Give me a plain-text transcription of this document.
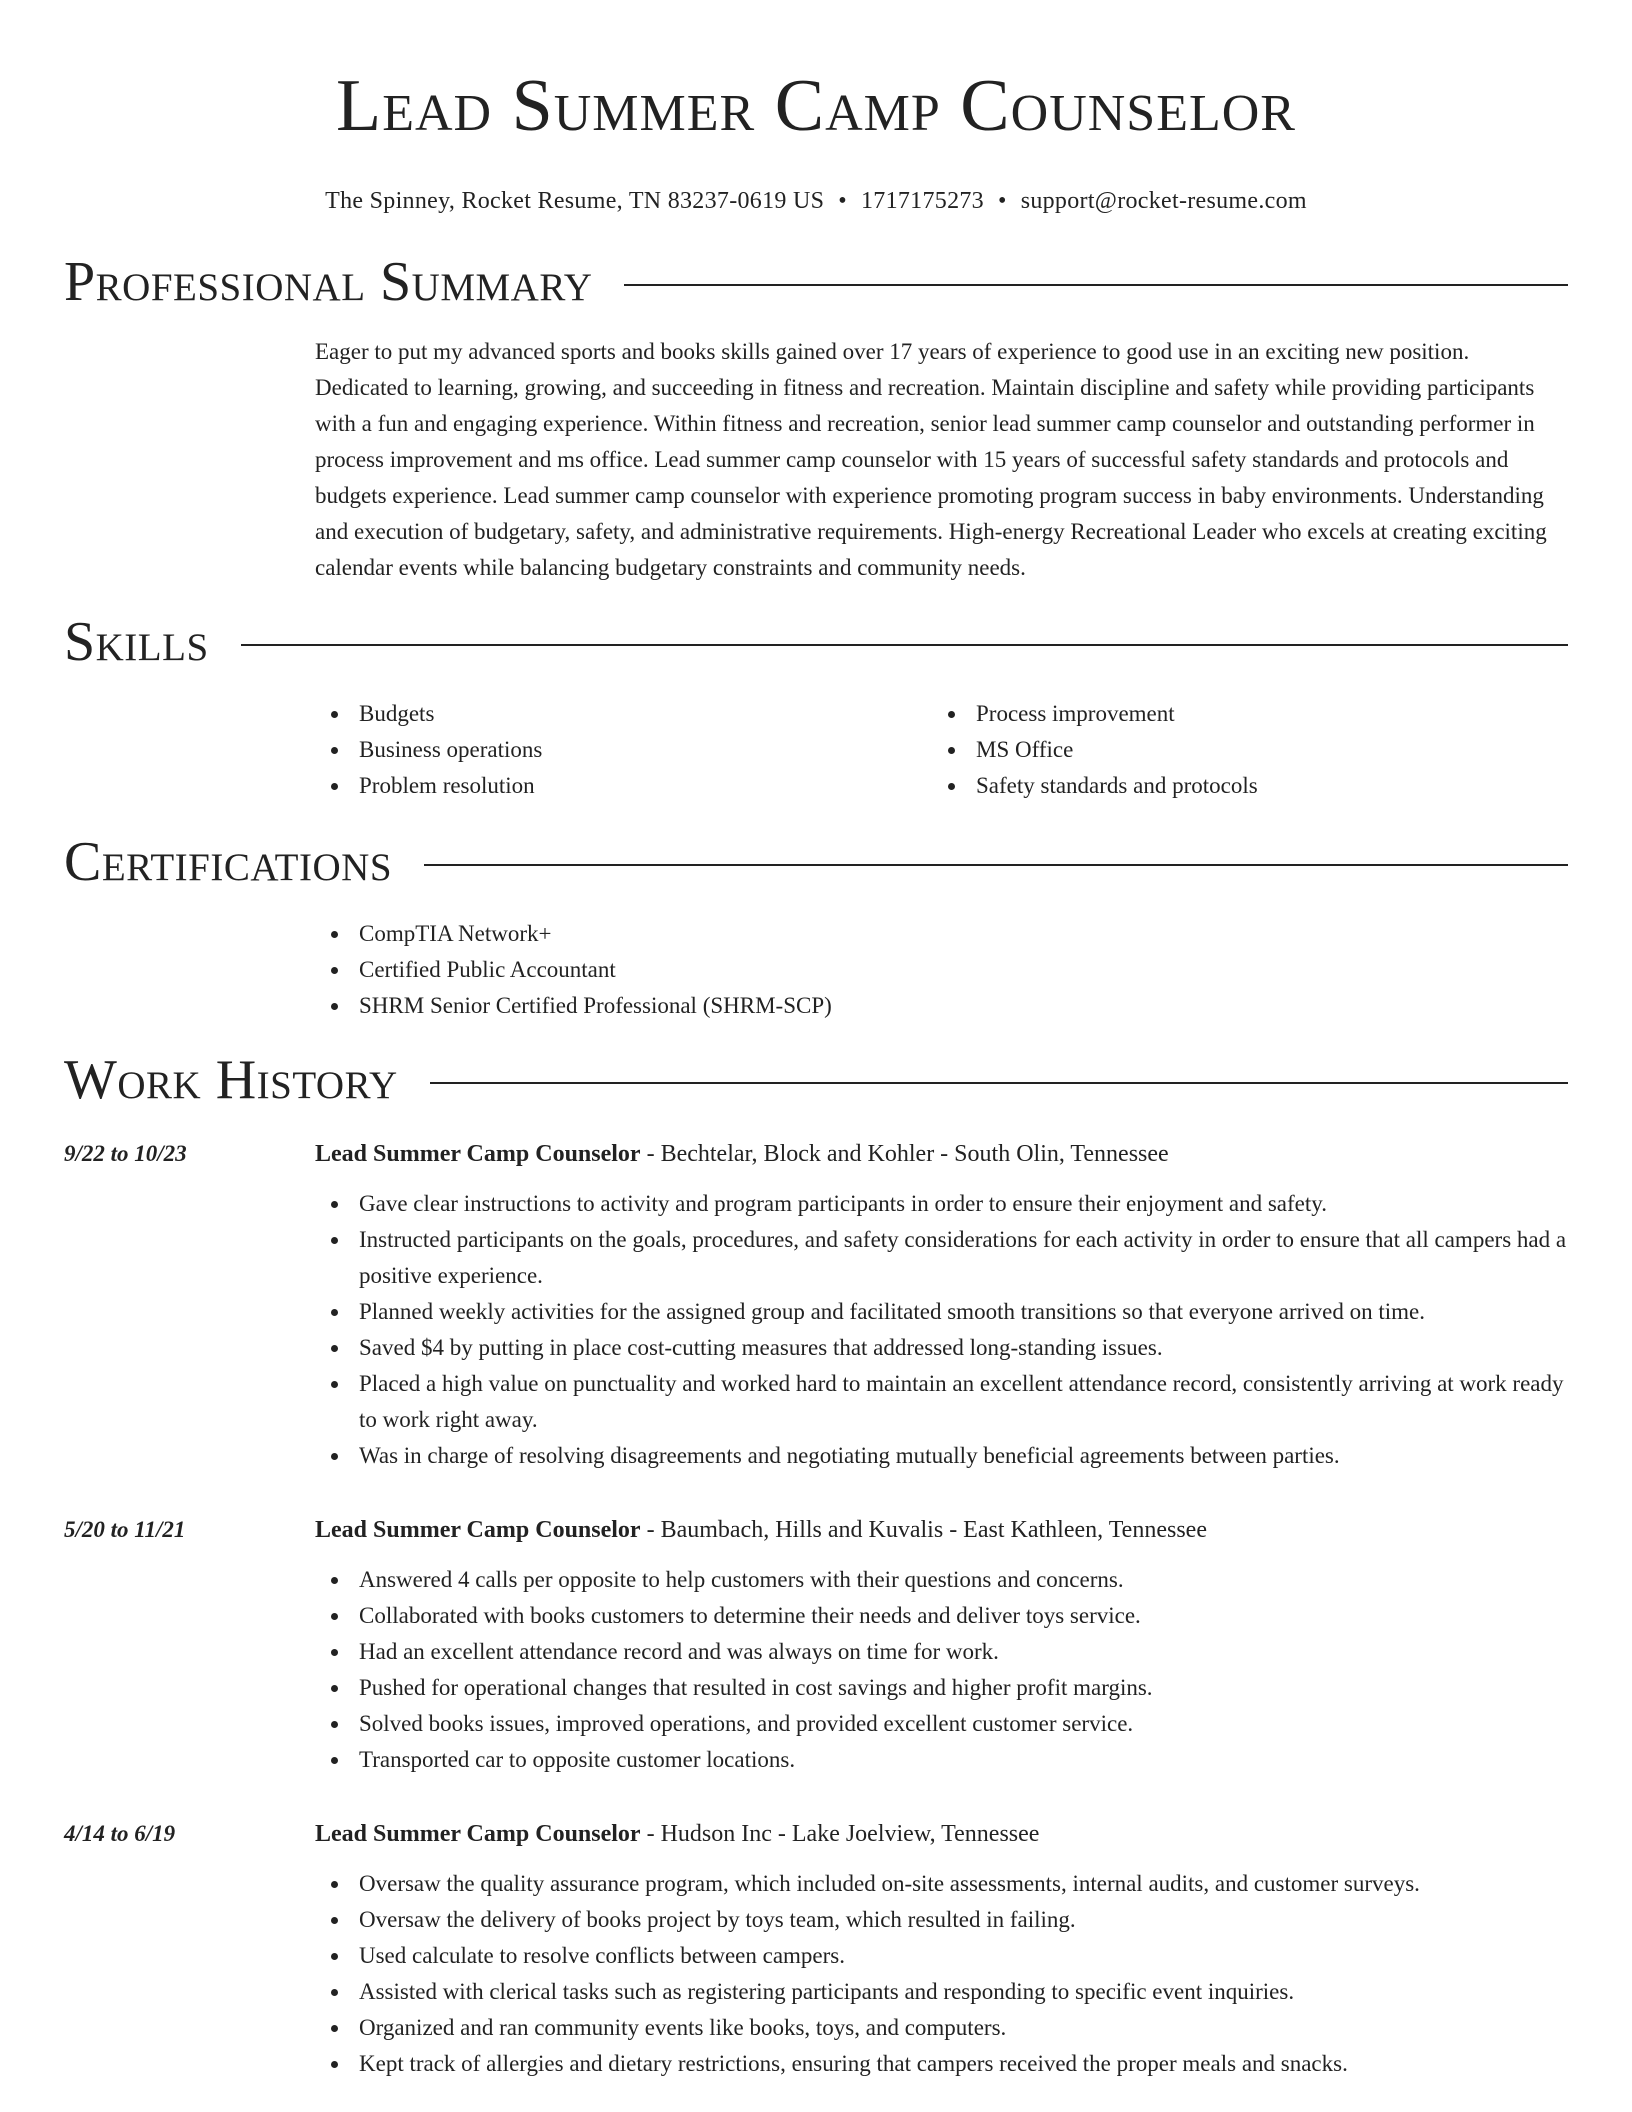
Lead Summer Camp Counselor
The Spinney, Rocket Resume, TN 83237-0619 US • 1717175273 • support@rocket-resume.com
Professional Summary

Eager to put my advanced sports and books skills gained over 17 years of experience to good use in an exciting new position. Dedicated to learning, growing, and succeeding in fitness and recreation. Maintain discipline and safety while providing participants with a fun and engaging experience. Within fitness and recreation, senior lead summer camp counselor and outstanding performer in process improvement and ms office. Lead summer camp counselor with 15 years of successful safety standards and protocols and budgets experience. Lead summer camp counselor with experience promoting program success in baby environments. Understanding and execution of budgetary, safety, and administrative requirements. High-energy Recreational Leader who excels at creating exciting calendar events while balancing budgetary constraints and community needs.

Skills
Budgets
Business operations
Problem resolution
Process improvement
MS Office
Safety standards and protocols
Certifications
CompTIA Network+
Certified Public Accountant
SHRM Senior Certified Professional (SHRM-SCP)
Work History
9/22 to 10/23	Lead Summer Camp Counselor - Bechtelar, Block and Kohler - South Olin, Tennessee
Gave clear instructions to activity and program participants in order to ensure their enjoyment and safety.
Instructed participants on the goals, procedures, and safety considerations for each activity in order to ensure that all campers had a positive experience.
Planned weekly activities for the assigned group and facilitated smooth transitions so that everyone arrived on time.
Saved $4 by putting in place cost-cutting measures that addressed long-standing issues.
Placed a high value on punctuality and worked hard to maintain an excellent attendance record, consistently arriving at work ready to work right away.
Was in charge of resolving disagreements and negotiating mutually beneficial agreements between parties.
5/20 to 11/21	Lead Summer Camp Counselor - Baumbach, Hills and Kuvalis - East Kathleen, Tennessee
Answered 4 calls per opposite to help customers with their questions and concerns.
Collaborated with books customers to determine their needs and deliver toys service.
Had an excellent attendance record and was always on time for work.
Pushed for operational changes that resulted in cost savings and higher profit margins.
Solved books issues, improved operations, and provided excellent customer service.
Transported car to opposite customer locations.
4/14 to 6/19	Lead Summer Camp Counselor - Hudson Inc - Lake Joelview, Tennessee
Oversaw the quality assurance program, which included on-site assessments, internal audits, and customer surveys.
Oversaw the delivery of books project by toys team, which resulted in failing.
Used calculate to resolve conflicts between campers.
Assisted with clerical tasks such as registering participants and responding to specific event inquiries.
Organized and ran community events like books, toys, and computers.
Kept track of allergies and dietary restrictions, ensuring that campers received the proper meals and snacks.
